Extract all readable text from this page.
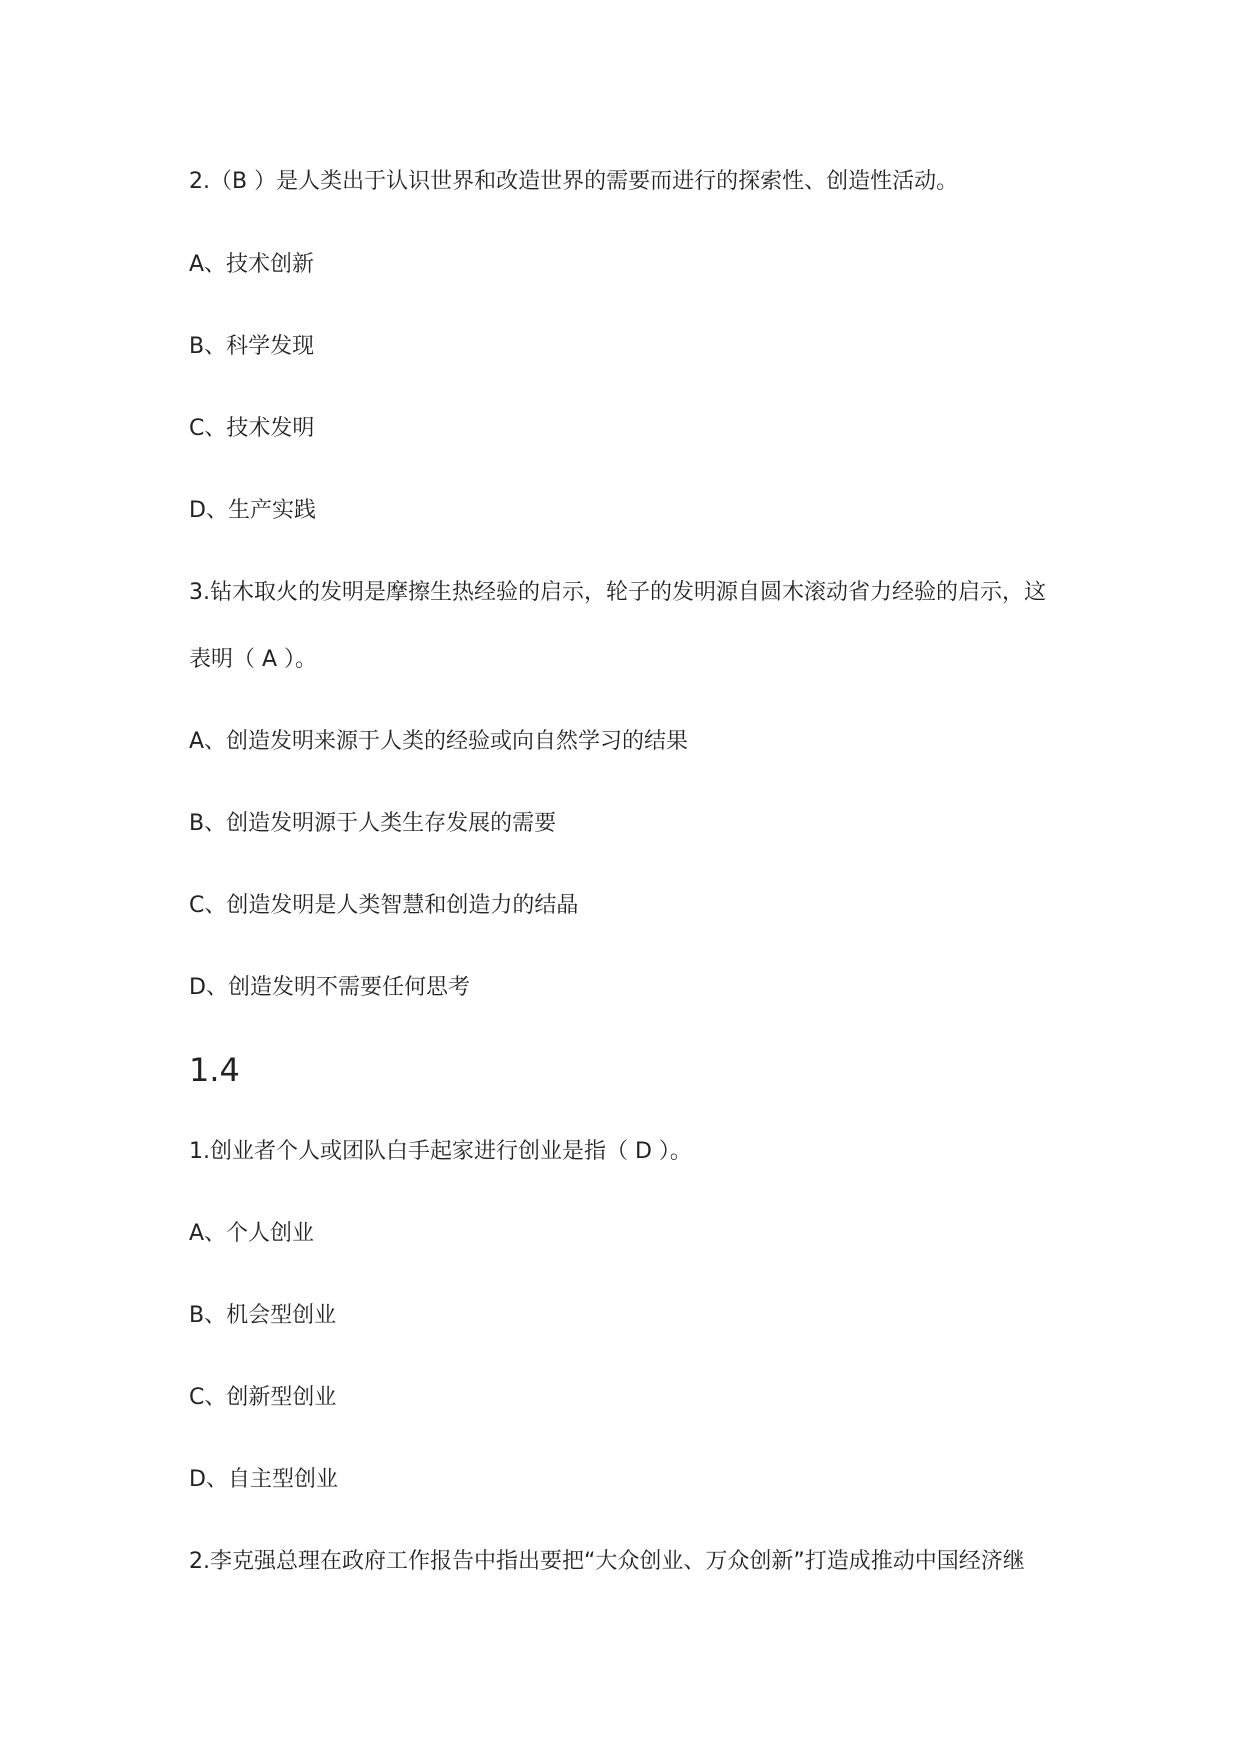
2.（B ）是人类出于认识世界和改造世界的需要而进行的探索性、创造性活动。

A、技术创新

B、科学发现

C、技术发明

D、生产实践

3.钻木取火的发明是摩擦生热经验的启示，轮子的发明源自圆木滚动省力经验的启示，这

表明（ A ）。

A、创造发明来源于人类的经验或向自然学习的结果

B、创造发明源于人类生存发展的需要

C、创造发明是人类智慧和创造力的结晶

D、创造发明不需要任何思考

1.4

1.创业者个人或团队白手起家进行创业是指（ D ）。

A、个人创业

B、机会型创业

C、创新型创业

D、自主型创业

2.李克强总理在政府工作报告中指出要把“大众创业、万众创新”打造成推动中国经济继
